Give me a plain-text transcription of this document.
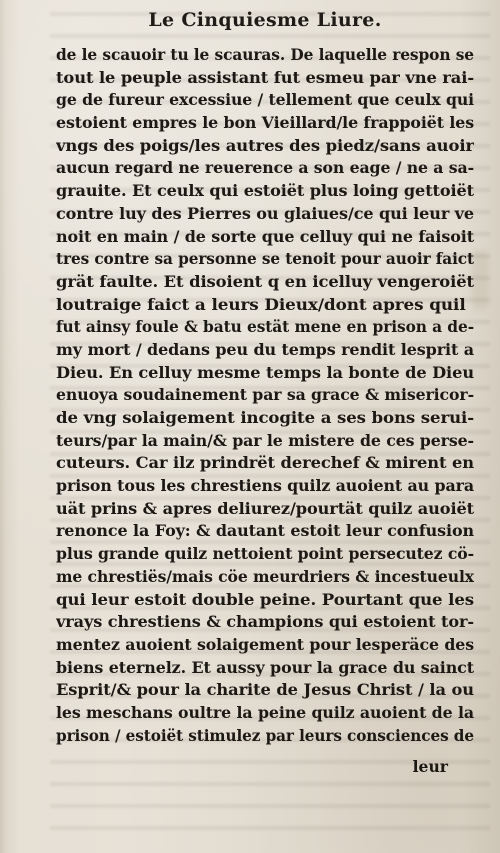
Le Cinquiesme Liure.
de le scauoir tu le scauras. De laquelle respon se
tout le peuple assistant fut esmeu par vne rai-
ge de fureur excessiue / tellement que ceulx qui
estoient empres le bon Vieillard/le frappoiët les
vngs des poigs/les autres des piedz/sans auoir
aucun regard ne reuerence a son eage / ne a sa-
grauite. Et ceulx qui estoiët plus loing gettoiët
contre luy des Pierres ou glaiues/ce qui leur ve
noit en main / de sorte que celluy qui ne faisoit
tres contre sa personne se tenoit pour auoir faict
grät faulte. Et disoient q en icelluy vengeroiët
loutraige faict a leurs Dieux/dont apres quil
fut ainsy foule & batu estät mene en prison a de-
my mort / dedans peu du temps rendit lesprit a
Dieu. En celluy mesme temps la bonte de Dieu
enuoya soudainement par sa grace & misericor-
de vng solaigement incogite a ses bons serui-
teurs/par la main/& par le mistere de ces perse-
cuteurs. Car ilz prindrët derechef & mirent en
prison tous les chrestiens quilz auoient au para
uät prins & apres deliurez/pourtät quilz auoiët
renonce la Foy: & dautant estoit leur confusion
plus grande quilz nettoient point persecutez cö-
me chrestiës/mais cöe meurdriers & incestueulx
qui leur estoit double peine. Pourtant que les
vrays chrestiens & champions qui estoient tor-
mentez auoient solaigement pour lesperäce des
biens eternelz. Et aussy pour la grace du sainct
Esprit/& pour la charite de Jesus Christ / la ou
les meschans oultre la peine quilz auoient de la
prison / estoiët stimulez par leurs consciences de
leur
